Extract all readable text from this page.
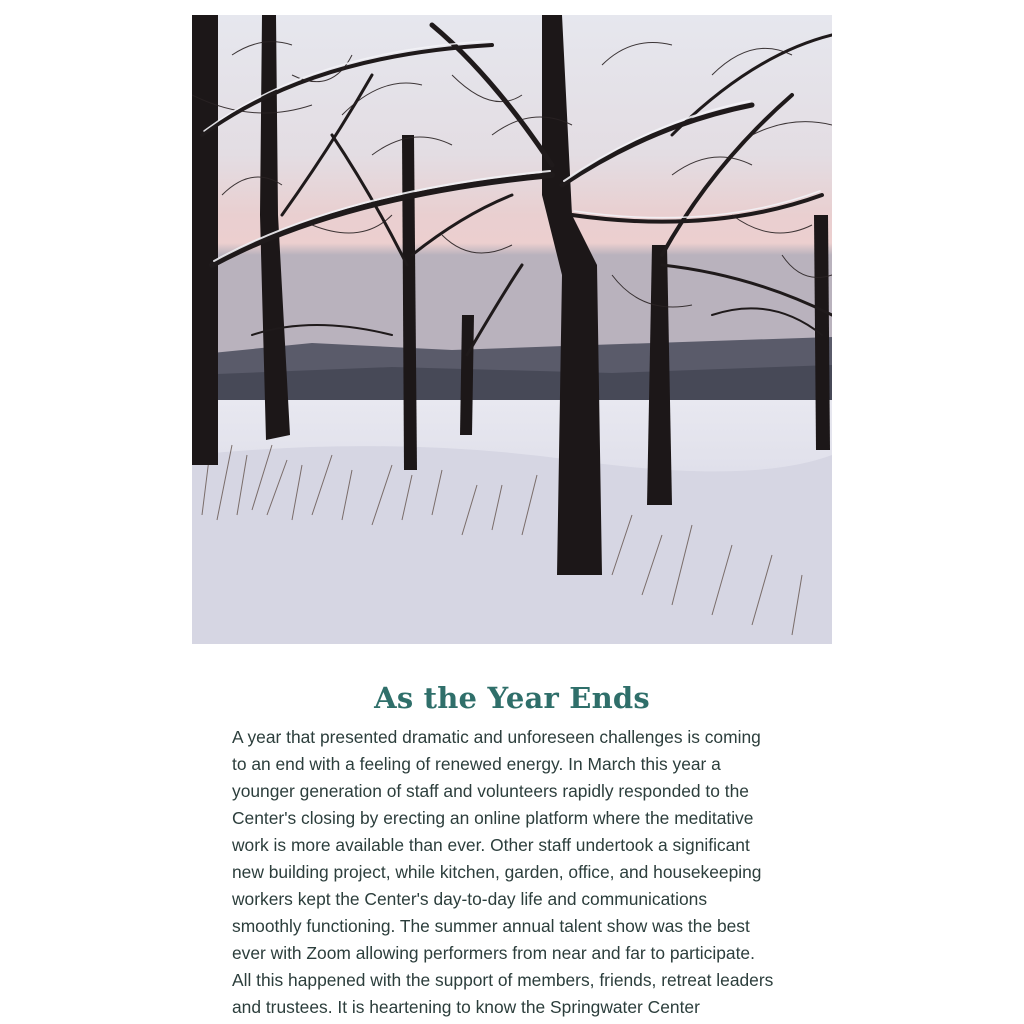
As the Year Ends

A year that presented dramatic and unforeseen challenges is coming
to an end with a feeling of renewed energy. In March this year a
younger generation of staff and volunteers rapidly responded to the
Center's closing by erecting an online platform where the meditative
work is more available than ever. Other staff undertook a significant
new building project, while kitchen, garden, office, and housekeeping
workers kept the Center's day-to-day life and communications
smoothly functioning. The summer annual talent show was the best
ever with Zoom allowing performers from near and far to participate.
All this happened with the support of members, friends, retreat leaders
and trustees. It is heartening to know the Springwater Center
